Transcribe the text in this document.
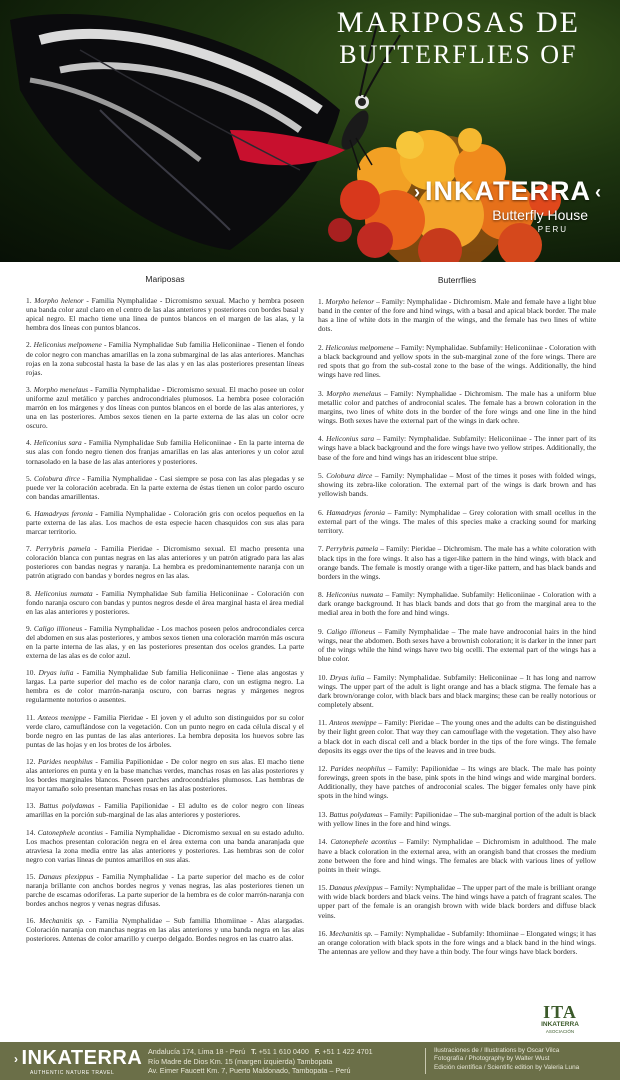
MARIPOSAS DE
BUTTERFLIES OF
› INKATERRA ‹
Butterfly House
PERU
Mariposas

1. Morpho helenor - Familia Nymphalidae - Dicromismo sexual. Macho y hembra poseen una banda color azul claro en el centro de las alas anteriores y posteriores con bordes basal y apical negro. El macho tiene una línea de puntos blancos en el margen de las alas, y la hembra dos líneas con puntos blancos.

2. Heliconius melpomene - Familia Nymphalidae Sub familia Heliconiinae - Tienen el fondo de color negro con manchas amarillas en la zona submarginal de las alas anteriores. Manchas rojas en la zona subcostal hasta la base de las alas y en las alas posteriores presentan líneas rojas.

3. Morpho menelaus - Familia Nymphalidae - Dicromismo sexual. El macho posee un color uniforme azul metálico y parches androcondriales plumosos. La hembra posee coloración marrón en los márgenes y dos líneas con puntos blancos en el borde de las alas anteriores, y una en las posteriores. Ambos sexos tienen en la parte externa de las alas un color ocre oscuro.

4. Heliconius sara - Familia Nymphalidae Sub familia Heliconiinae - En la parte interna de sus alas con fondo negro tienen dos franjas amarillas en las alas anteriores y un color azul tornasolado en la base de las alas anteriores y posteriores.

5. Colobura dirce - Familia Nymphalidae - Casi siempre se posa con las alas plegadas y se puede ver la coloración acebrada. En la parte externa de éstas tienen un color pardo oscuro con bandas amarillentas.

6. Hamadryas feronia - Familia Nymphalidae - Coloración gris con ocelos pequeños en la parte externa de las alas. Los machos de esta especie hacen chasquidos con sus alas para marcar territorio.

7. Perrybris pamela - Familia Pieridae - Dicromismo sexual. El macho presenta una coloración blanca con puntas negras en las alas anteriores y un patrón atigrado para las alas posteriores con bandas negras y naranja. La hembra es predominantemente naranja con un patrón atigrado con bandas y bordes negros en las alas.

8. Heliconius numata - Familia Nymphalidae Sub familia Heliconiinae - Coloración con fondo naranja oscuro con bandas y puntos negros desde el área marginal hasta el área medial en las alas anteriores y posteriores.

9. Caligo illioneus - Familia Nymphalidae - Los machos poseen pelos androcondiales cerca del abdomen en sus alas posteriores, y ambos sexos tienen una coloración marrón más oscura en la parte interna de las alas, y en las posteriores presentan dos ocelos grandes. La parte externa de las alas es de color azul.

10. Dryas iulia - Familia Nymphalidae Sub familia Heliconiinae - Tiene alas angostas y largas. La parte superior del macho es de color naranja claro, con un estigma negro. La hembra es de color marrón-naranja oscuro, con barras negras y márgenes negros regularmente notorios o ausentes.

11. Anteos menippe - Familia Pieridae - El joven y el adulto son distinguidos por su color verde claro, camuflándose con la vegetación. Con un punto negro en cada célula discal y el borde negro en las puntas de las alas anteriores. La hembra deposita los huevos sobre las puntas de las hojas y en los brotes de los árboles.

12. Parides neophilus - Familia Papilionidae - De color negro en sus alas. El macho tiene alas anteriores en punta y en la base manchas verdes, manchas rosas en las alas posteriores y los bordes marginales blancos. Poseen parches androcondriales plumosos. Las hembras de mayor tamaño solo presentan manchas rosas en las alas posteriores.

13. Battus polydamas - Familia Papilionidae - El adulto es de color negro con líneas amarillas en la porción sub-marginal de las alas anteriores y posteriores.

14. Catonephele acontius - Familia Nymphalidae - Dicromismo sexual en su estado adulto. Los machos presentan coloración negra en el área externa con una banda anaranjada que atraviesa la zona media entre las alas anteriores y posteriores. Las hembras son de color negro con varias líneas de puntos amarillos en sus alas.

15. Danaus plexippus - Familia Nymphalidae - La parte superior del macho es de color naranja brillante con anchos bordes negros y venas negras, las alas posteriores tienen un parche de escamas odoríferas. La parte superior de la hembra es de color marrón-naranja con bordes anchos negros y venas negras difusas.

16. Mechanitis sp. - Familia Nymphalidae – Sub familia Ithomiinae - Alas alargadas. Coloración naranja con manchas negras en las alas anteriores y una banda negra en las alas posteriores. Antenas de color amarillo y cuerpo delgado. Bordes negros en las cuatro alas.

Buterrflies

1. Morpho helenor – Family: Nymphalidae - Dichromism. Male and female have a light blue band in the center of the fore and hind wings, with a basal and apical black border. The male has a line of white dots in the margin of the wings, and the female has two lines of white dots.

2. Heliconius melpomene – Family: Nymphalidae. Subfamily: Heliconiinae - Coloration with a black background and yellow spots in the sub-marginal zone of the fore wings. There are red spots that go from the sub-costal zone to the base of the wings. Additionally, the hind wings have red lines.

3. Morpho menelaus – Family: Nymphalidae - Dichromism. The male has a uniform blue metallic color and patches of androconial scales. The female has a brown coloration in the margins, two lines of white dots in the border of the fore wings and one line in the hind wings. Both sexes have the external part of the wings in dark ochre.

4. Heliconius sara – Family: Nymphalidae. Subfamily: Heliconiinae - The inner part of its wings have a black background and the fore wings have two yellow stripes. Additionally, the base of the fore and hind wings has an iridescent blue stripe.

5. Colobura dirce – Family: Nymphalidae – Most of the times it poses with folded wings, showing its zebra-like coloration. The external part of the wings is dark brown and has yellowish bands.

6. Hamadryas feronia – Family: Nymphalidae – Grey coloration with small ocellus in the external part of the wings. The males of this species make a cracking sound for marking territory.

7. Perrybris pamela – Family: Pieridae – Dichromism. The male has a white coloration with black tips in the fore wings. It also has a tiger-like pattern in the hind wings, with black and orange bands. The female is mostly orange with a tiger-like pattern, and has black bands and borders in the wings.

8. Heliconius numata – Family: Nymphalidae. Subfamily: Heliconiinae - Coloration with a dark orange background. It has black bands and dots that go from the marginal area to the medial area in both the fore and hind wings.

9. Caligo illioneus – Family Nymphalidae – The male have androconial hairs in the hind wings, near the abdomen. Both sexes have a brownish coloration; it is darker in the inner part of the wings while the hind wings have two big ocelli. The external part of the wings has a blue color.

10. Dryas iulia – Family: Nymphalidae. Subfamily: Heliconiinae – It has long and narrow wings. The upper part of the adult is light orange and has a black stigma. The female has a dark brown/orange color, with black bars and black margins; these can be really notorious or completely absent.

11. Anteos menippe – Family: Pieridae – The young ones and the adults can be distinguished by their light green color. That way they can camouflage with the vegetation. They also have a black dot in each discal cell and a black border in the tips of the fore wings. The female deposits its eggs over the tips of the leaves and in tree buds.

12. Parides neophilus – Family: Papilionidae – Its wings are black. The male has pointy forewings, green spots in the base, pink spots in the hind wings and wide marginal borders. Additionally, they have patches of androconial scales. The bigger females only have pink spots in the hind wings.

13. Battus polydamas – Family: Papilionidae – The sub-marginal portion of the adult is black with yellow lines in the fore and hind wings.

14. Catonephele acontius – Family: Nymphalidae – Dichromism in adulthood. The male have a black coloration in the external area, with an orangish band that crosses the medium zone between the fore and hind wings. The females are black with various lines of yellow points in their wings.

15. Danaus plexippus – Family: Nymphalidae – The upper part of the male is brilliant orange with wide black borders and black veins. The hind wings have a patch of fragrant scales. The upper part of the female is an orangish brown with wide black borders and diffuse black veins.

16. Mechanitis sp. – Family: Nymphalidae - Subfamily: Ithomiinae – Elongated wings; it has an orange coloration with black spots in the fore wings and a black band in the hind wings. The antennas are yellow and they have a thin body. The four wings have black borders.

ITA
INKATERRA
ASOCIACIÓN
› INKATERRA
AUTHENTIC NATURE TRAVEL
Andalucía 174, Lima 18 - Perú T. +51 1 610 0400 F. +51 1 422 4701
Río Madre de Dios Km. 15 (margen izquierda) Tambopata
Av. Eimer Faucett Km. 7, Puerto Maldonado, Tambopata – Perú
Ilustraciones de / Illustrations by Oscar Vilca
Fotografía / Photography by Walter Wust
Edición científica / Scientific edition by Valeria Luna
